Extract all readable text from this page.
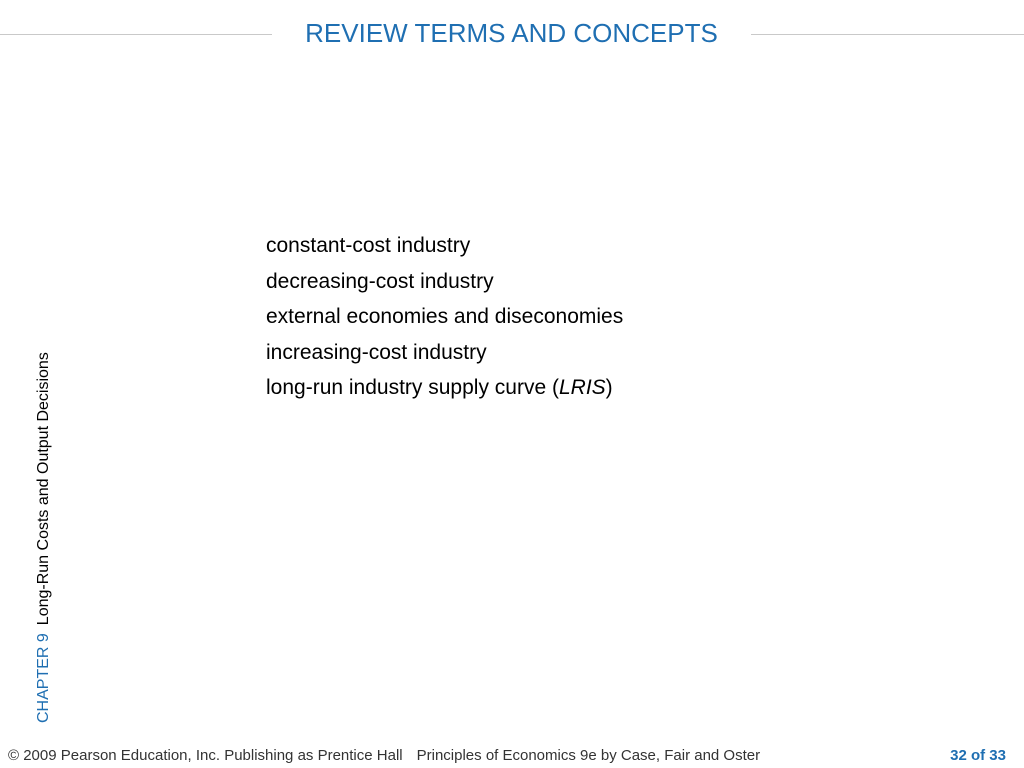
REVIEW TERMS AND CONCEPTS
constant-cost industry
decreasing-cost industry
external economies and diseconomies
increasing-cost industry
long-run industry supply curve (LRIS)
CHAPTER 9Long-Run Costs and Output Decisions
© 2009 Pearson Education, Inc. Publishing as Prentice Hall Principles of Economics 9e by Case, Fair and Oster	32 of 33
